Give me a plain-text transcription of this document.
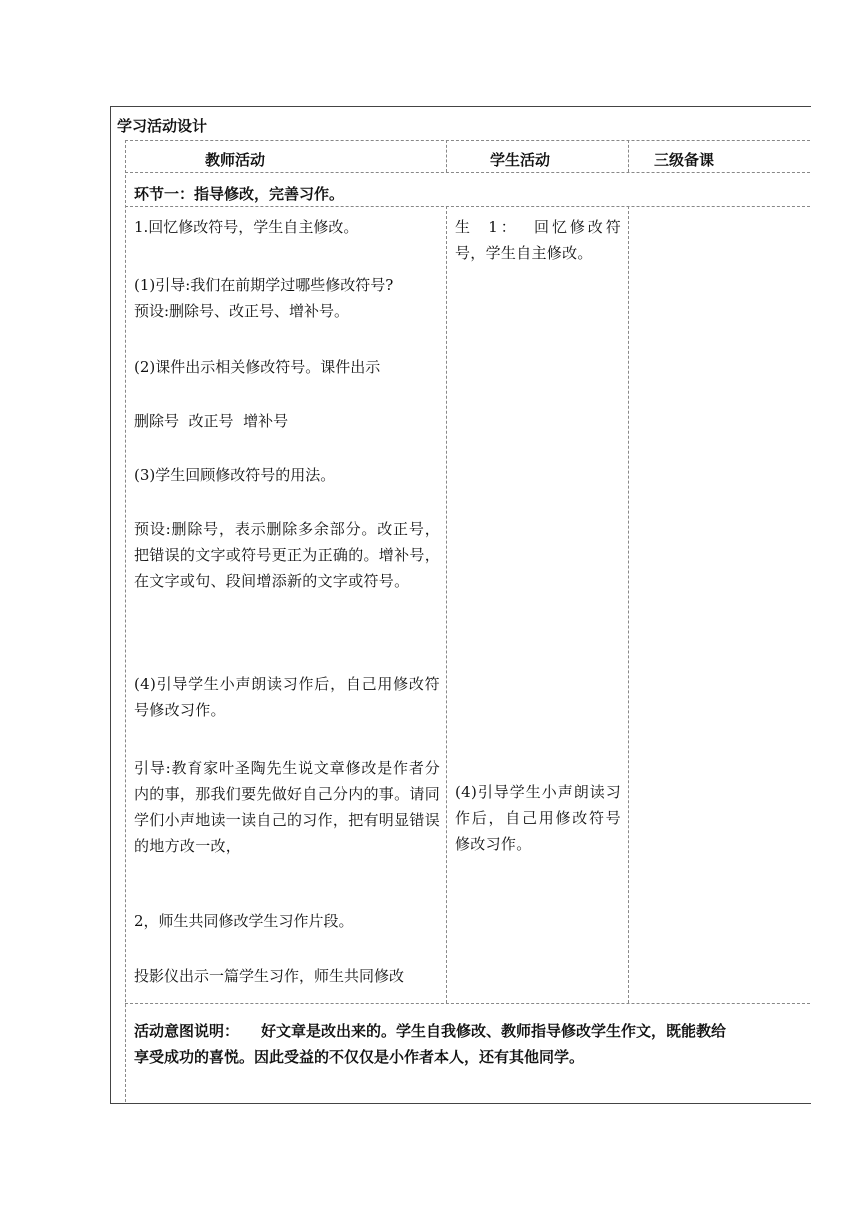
学习活动设计
教师活动	学生活动	三级备课
环节一：指导修改，完善习作。
1.回忆修改符号，学生自主修改。
(1)引导:我们在前期学过哪些修改符号?
预设:删除号、改正号、增补号。
(2)课件出示相关修改符号。课件出示
删除号  改正号  增补号
(3)学生回顾修改符号的用法。
预设:删除号，表示删除多余部分。改正号，把错误的文字或符号更正为正确的。增补号，在文字或句、段间增添新的文字或符号。
(4)引导学生小声朗读习作后，自己用修改符号修改习作。
引导:教育家叶圣陶先生说文章修改是作者分内的事，那我们要先做好自己分内的事。请同学们小声地读一读自己的习作，把有明显错误的地方改一改，
2，师生共同修改学生习作片段。
投影仪出示一篇学生习作，师生共同修改
生  1：  回忆修改符号，学生自主修改。
(4)引导学生小声朗读习作后，自己用修改符号修改习作。
活动意图说明： 好文章是改出来的。学生自我修改、教师指导修改学生作文，既能教给
享受成功的喜悦。因此受益的不仅仅是小作者本人，还有其他同学。
